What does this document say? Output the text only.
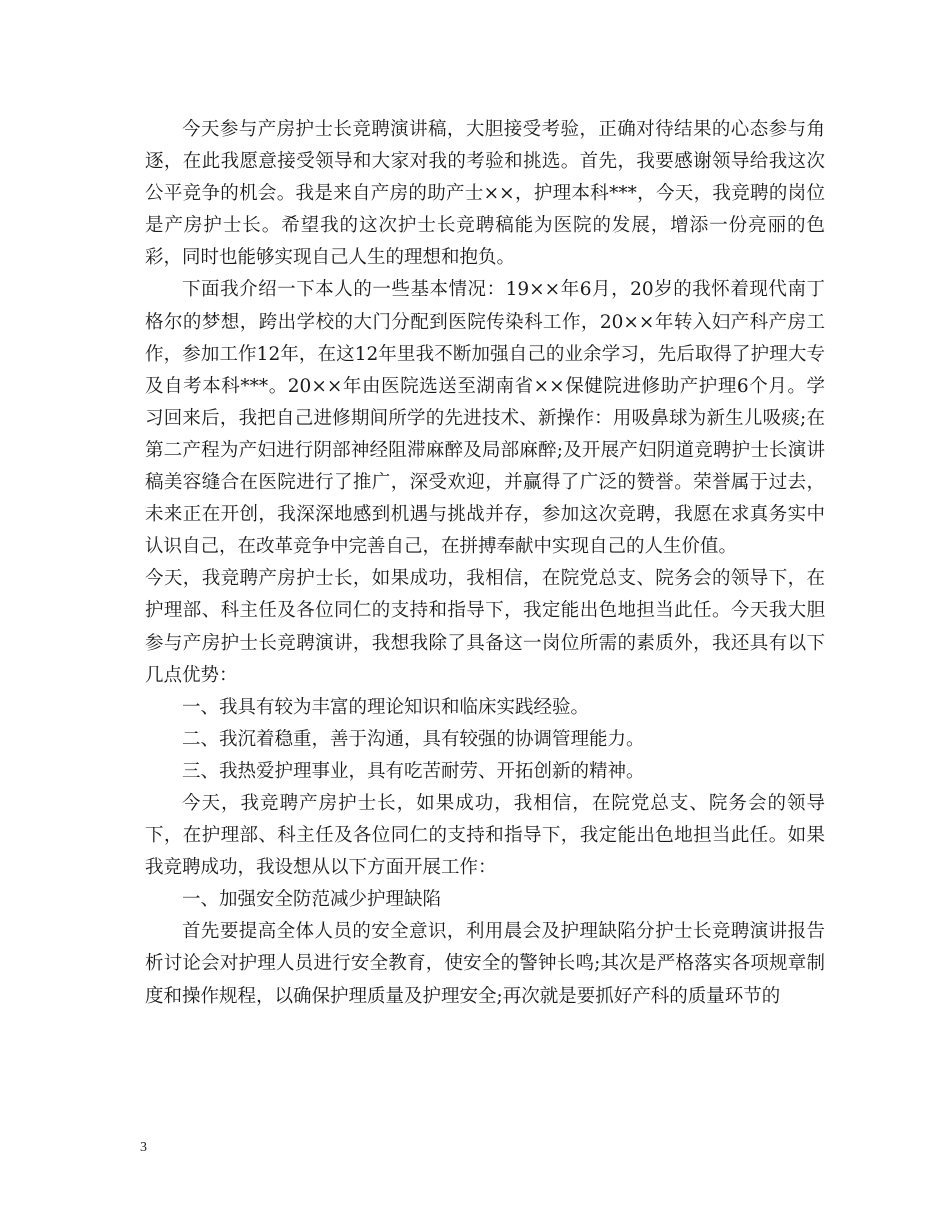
今天参与产房护士长竞聘演讲稿，大胆接受考验，正确对待结果的心态参与角逐，在此我愿意接受领导和大家对我的考验和挑选。首先，我要感谢领导给我这次公平竞争的机会。我是来自产房的助产士××，护理本科***，今天，我竞聘的岗位是产房护士长。希望我的这次护士长竞聘稿能为医院的发展，增添一份亮丽的色彩，同时也能够实现自己人生的理想和抱负。

下面我介绍一下本人的一些基本情况：19××年6月，20岁的我怀着现代南丁格尔的梦想，跨出学校的大门分配到医院传染科工作，20××年转入妇产科产房工作，参加工作12年，在这12年里我不断加强自己的业余学习，先后取得了护理大专及自考本科***。20××年由医院选送至湖南省××保健院进修助产护理6个月。学习回来后，我把自己进修期间所学的先进技术、新操作：用吸鼻球为新生儿吸痰;在第二产程为产妇进行阴部神经阻滞麻醉及局部麻醉;及开展产妇阴道竞聘护士长演讲稿美容缝合在医院进行了推广，深受欢迎，并赢得了广泛的赞誉。荣誉属于过去，未来正在开创，我深深地感到机遇与挑战并存，参加这次竞聘，我愿在求真务实中认识自己，在改革竞争中完善自己，在拼搏奉献中实现自己的人生价值。

今天，我竞聘产房护士长，如果成功，我相信，在院党总支、院务会的领导下，在护理部、科主任及各位同仁的支持和指导下，我定能出色地担当此任。今天我大胆参与产房护士长竞聘演讲，我想我除了具备这一岗位所需的素质外，我还具有以下几点优势：

一、我具有较为丰富的理论知识和临床实践经验。

二、我沉着稳重，善于沟通，具有较强的协调管理能力。

三、我热爱护理事业，具有吃苦耐劳、开拓创新的精神。

今天，我竞聘产房护士长，如果成功，我相信，在院党总支、院务会的领导下，在护理部、科主任及各位同仁的支持和指导下，我定能出色地担当此任。如果我竞聘成功，我设想从以下方面开展工作：

一、加强安全防范减少护理缺陷

首先要提高全体人员的安全意识，利用晨会及护理缺陷分护士长竞聘演讲报告析讨论会对护理人员进行安全教育，使安全的警钟长鸣;其次是严格落实各项规章制度和操作规程，以确保护理质量及护理安全;再次就是要抓好产科的质量环节的

3
